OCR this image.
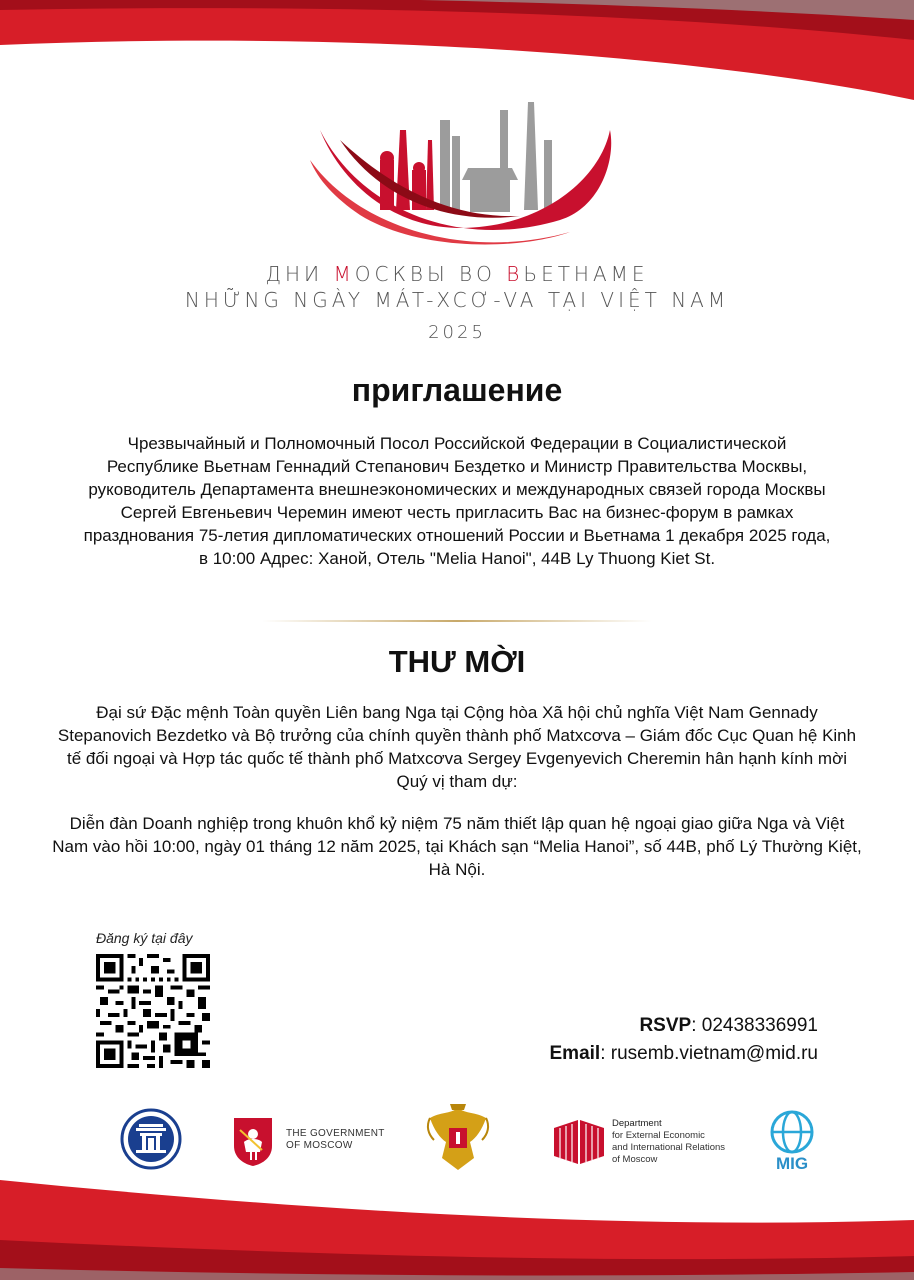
ДНИ МОСКВЫ ВО ВЬЕТНАМЕ
NHỮNG NGÀY MÁT-XCƠ-VA TẠI VIỆT NAM
2025
приглашение
Чрезвычайный и Полномочный Посол Российской Федерации в Социалистической Республике Вьетнам Геннадий Степанович Бездетко и Министр Правительства Москвы, руководитель Департамента внешнеэкономических и международных связей города Москвы Сергей Евгеньевич Черемин имеют честь пригласить Вас на бизнес-форум в рамках празднования 75-летия дипломатических отношений России и Вьетнама 1 декабря 2025 года, в 10:00 Адрес: Ханой, Отель "Melia Hanoi", 44B Ly Thuong Kiet St.
THƯ MỜI
Đại sứ Đặc mệnh Toàn quyền Liên bang Nga tại Cộng hòa Xã hội chủ nghĩa Việt Nam Gennady Stepanovich Bezdetko và Bộ trưởng của chính quyền thành phố Matxcơva – Giám đốc Cục Quan hệ Kinh tế đối ngoại và Hợp tác quốc tế thành phố Matxcơva Sergey Evgenyevich Cheremin hân hạnh kính mời Quý vị tham dự:
Diễn đàn Doanh nghiệp trong khuôn khổ kỷ niệm 75 năm thiết lập quan hệ ngoại giao giữa Nga và Việt Nam vào hồi 10:00, ngày 01 tháng 12 năm 2025, tại Khách sạn “Melia Hanoi”, số 44B, phố Lý Thường Kiệt, Hà Nội.
Đăng ký tại đây
RSVP: 02438336991
Email: rusemb.vietnam@mid.ru
THE GOVERNMENT
OF MOSCOW
Department
for External Economic
and International Relations
of Moscow	MIG
